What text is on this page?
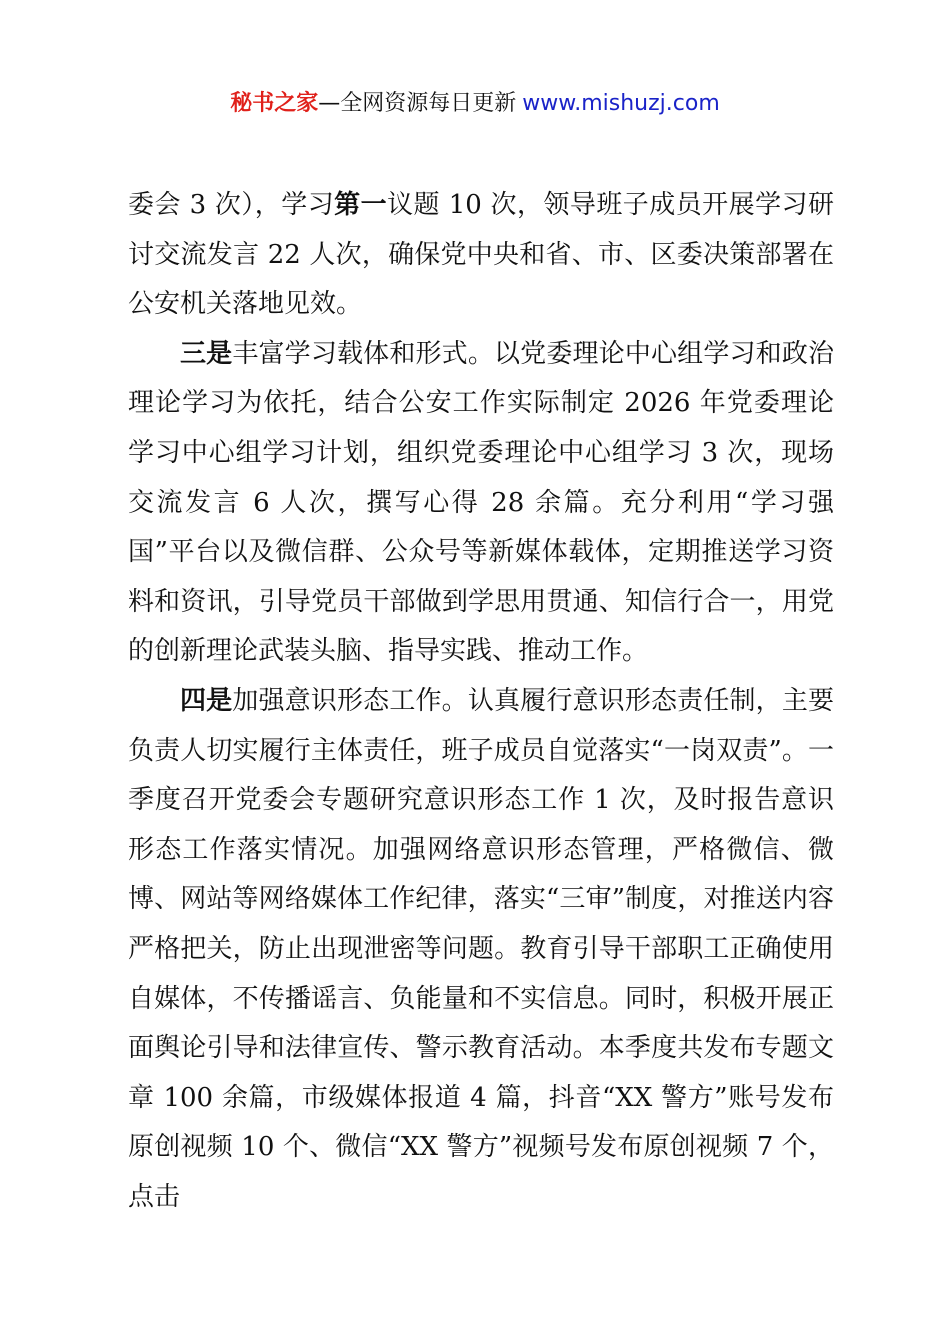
秘书之家—全网资源每日更新 www.mishuzj.com

委会 3 次），学习第一议题 10 次，领导班子成员开展学习研讨交流发言 22 人次，确保党中央和省、市、区委决策部署在公安机关落地见效。

三是丰富学习载体和形式。以党委理论中心组学习和政治理论学习为依托，结合公安工作实际制定 2026 年党委理论学习中心组学习计划，组织党委理论中心组学习 3 次，现场交流发言 6 人次，撰写心得 28 余篇。充分利用“学习强国”平台以及微信群、公众号等新媒体载体，定期推送学习资料和资讯，引导党员干部做到学思用贯通、知信行合一，用党的创新理论武装头脑、指导实践、推动工作。

四是加强意识形态工作。认真履行意识形态责任制，主要负责人切实履行主体责任，班子成员自觉落实“一岗双责”。一季度召开党委会专题研究意识形态工作 1 次，及时报告意识形态工作落实情况。加强网络意识形态管理，严格微信、微博、网站等网络媒体工作纪律，落实“三审”制度，对推送内容严格把关，防止出现泄密等问题。教育引导干部职工正确使用自媒体，不传播谣言、负能量和不实信息。同时，积极开展正面舆论引导和法律宣传、警示教育活动。本季度共发布专题文章 100 余篇，市级媒体报道 4 篇，抖音“XX 警方”账号发布原创视频 10 个、微信“XX 警方”视频号发布原创视频 7 个，点击
